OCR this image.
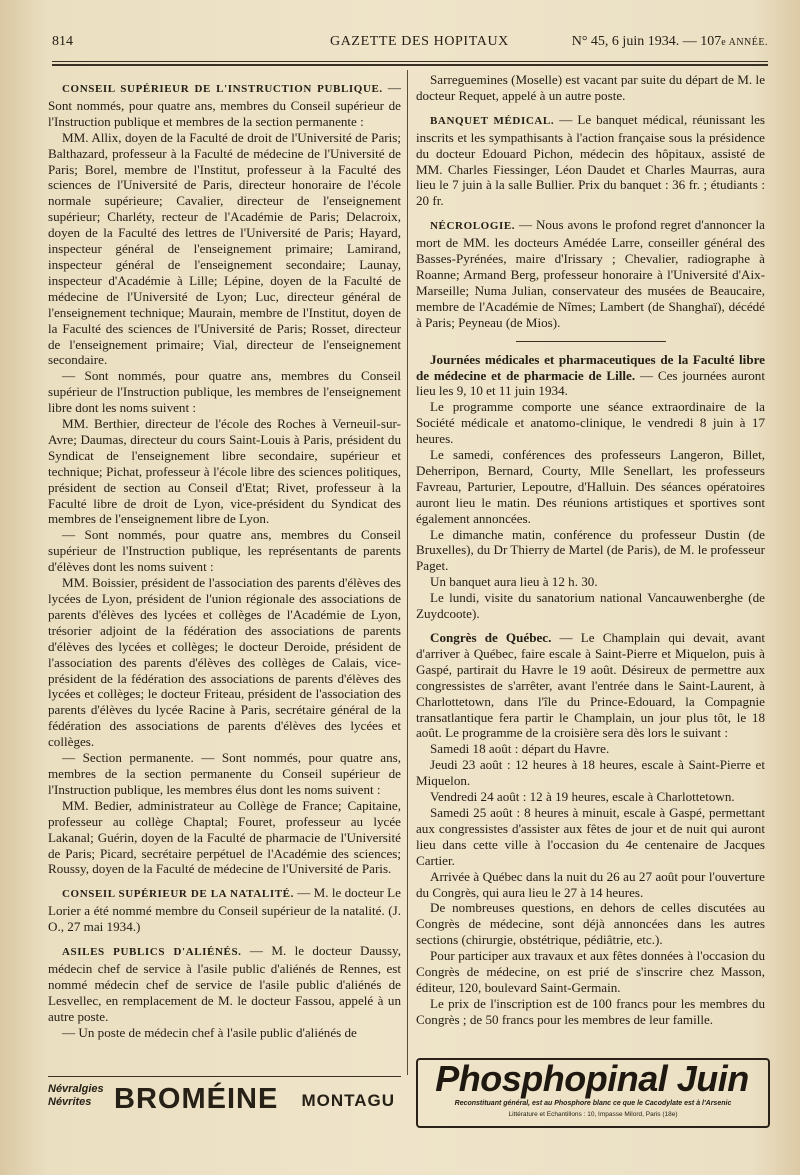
814	GAZETTE DES HOPITAUX	N° 45, 6 juin 1934. — 107e ANNÉE.

CONSEIL SUPÉRIEUR DE L'INSTRUCTION PUBLIQUE. — Sont nommés, pour quatre ans, membres du Conseil supérieur de l'Instruction publique et membres de la section permanente :

MM. Allix, doyen de la Faculté de droit de l'Université de Paris; Balthazard, professeur à la Faculté de médecine de l'Université de Paris; Borel, membre de l'Institut, professeur à la Faculté des sciences de l'Université de Paris, directeur honoraire de l'école normale supérieure; Cavalier, directeur de l'enseignement supérieur; Charléty, recteur de l'Académie de Paris; Delacroix, doyen de la Faculté des lettres de l'Université de Paris; Hayard, inspecteur général de l'enseignement primaire; Lamirand, inspecteur général de l'enseignement secondaire; Launay, inspecteur d'Académie à Lille; Lépine, doyen de la Faculté de médecine de l'Université de Lyon; Luc, directeur général de l'enseignement technique; Maurain, membre de l'Institut, doyen de la Faculté des sciences de l'Université de Paris; Rosset, directeur de l'enseignement primaire; Vial, directeur de l'enseignement secondaire.

— Sont nommés, pour quatre ans, membres du Conseil supérieur de l'Instruction publique, les membres de l'enseignement libre dont les noms suivent :

MM. Berthier, directeur de l'école des Roches à Verneuil-sur-Avre; Daumas, directeur du cours Saint-Louis à Paris, président du Syndicat de l'enseignement libre secondaire, supérieur et technique; Pichat, professeur à l'école libre des sciences politiques, président de section au Conseil d'Etat; Rivet, professeur à la Faculté libre de droit de Lyon, vice-président du Syndicat des membres de l'enseignement libre de Lyon.

— Sont nommés, pour quatre ans, membres du Conseil supérieur de l'Instruction publique, les représentants de parents d'élèves dont les noms suivent :

MM. Boissier, président de l'association des parents d'élèves des lycées de Lyon, président de l'union régionale des associations de parents d'élèves des lycées et collèges de l'Académie de Lyon, trésorier adjoint de la fédération des associations de parents d'élèves des lycées et collèges; le docteur Deroide, président de l'association des parents d'élèves des collèges de Calais, vice-président de la fédération des associations de parents d'élèves des lycées et collèges; le docteur Friteau, président de l'association des parents d'élèves du lycée Racine à Paris, secrétaire général de la fédération des associations de parents d'élèves des lycées et collèges.

— Section permanente. — Sont nommés, pour quatre ans, membres de la section permanente du Conseil supérieur de l'Instruction publique, les membres élus dont les noms suivent :

MM. Bedier, administrateur au Collège de France; Capitaine, professeur au collège Chaptal; Fouret, professeur au lycée Lakanal; Guérin, doyen de la Faculté de pharmacie de l'Université de Paris; Picard, secrétaire perpétuel de l'Académie des sciences; Roussy, doyen de la Faculté de médecine de l'Université de Paris.

CONSEIL SUPÉRIEUR DE LA NATALITÉ. — M. le docteur Le Lorier a été nommé membre du Conseil supérieur de la natalité. (J. O., 27 mai 1934.)

ASILES PUBLICS D'ALIÉNÉS. — M. le docteur Daussy, médecin chef de service à l'asile public d'aliénés de Rennes, est nommé médecin chef de service de l'asile public d'aliénés de Lesvellec, en remplacement de M. le docteur Fassou, appelé à un autre poste.

— Un poste de médecin chef à l'asile public d'aliénés de

Sarreguemines (Moselle) est vacant par suite du départ de M. le docteur Requet, appelé à un autre poste.

BANQUET MÉDICAL. — Le banquet médical, réunissant les inscrits et les sympathisants à l'action française sous la présidence du docteur Edouard Pichon, médecin des hôpitaux, assisté de MM. Charles Fiessinger, Léon Daudet et Charles Maurras, aura lieu le 7 juin à la salle Bullier. Prix du banquet : 36 fr. ; étudiants : 20 fr.

NÉCROLOGIE. — Nous avons le profond regret d'annoncer la mort de MM. les docteurs Amédée Larre, conseiller général des Basses-Pyrénées, maire d'Irissary ; Chevalier, radiographe à Roanne; Armand Berg, professeur honoraire à l'Université d'Aix-Marseille; Numa Julian, conservateur des musées de Beaucaire, membre de l'Académie de Nîmes; Lambert (de Shanghaï), décédé à Paris; Peyneau (de Mios).

Journées médicales et pharmaceutiques de la Faculté libre de médecine et de pharmacie de Lille. — Ces journées auront lieu les 9, 10 et 11 juin 1934.

Le programme comporte une séance extraordinaire de la Société médicale et anatomo-clinique, le vendredi 8 juin à 17 heures.

Le samedi, conférences des professeurs Langeron, Billet, Deherripon, Bernard, Courty, Mlle Senellart, les professeurs Favreau, Parturier, Lepoutre, d'Halluin. Des séances opératoires auront lieu le matin. Des réunions artistiques et sportives sont également annoncées.

Le dimanche matin, conférence du professeur Dustin (de Bruxelles), du Dr Thierry de Martel (de Paris), de M. le professeur Paget.

Un banquet aura lieu à 12 h. 30.

Le lundi, visite du sanatorium national Vancauwenberghe (de Zuydcoote).

Congrès de Québec. — Le Champlain qui devait, avant d'arriver à Québec, faire escale à Saint-Pierre et Miquelon, puis à Gaspé, partirait du Havre le 19 août. Désireux de permettre aux congressistes de s'arrêter, avant l'entrée dans le Saint-Laurent, à Charlottetown, dans l'île du Prince-Edouard, la Compagnie transatlantique fera partir le Champlain, un jour plus tôt, le 18 août. Le programme de la croisière sera dès lors le suivant :

Samedi 18 août : départ du Havre.

Jeudi 23 août : 12 heures à 18 heures, escale à Saint-Pierre et Miquelon.

Vendredi 24 août : 12 à 19 heures, escale à Charlottetown.

Samedi 25 août : 8 heures à minuit, escale à Gaspé, permettant aux congressistes d'assister aux fêtes de jour et de nuit qui auront lieu dans cette ville à l'occasion du 4e centenaire de Jacques Cartier.

Arrivée à Québec dans la nuit du 26 au 27 août pour l'ouverture du Congrès, qui aura lieu le 27 à 14 heures.

De nombreuses questions, en dehors de celles discutées au Congrès de médecine, sont déjà annoncées dans les autres sections (chirurgie, obstétrique, pédiâtrie, etc.).

Pour participer aux travaux et aux fêtes données à l'occasion du Congrès de médecine, on est prié de s'inscrire chez Masson, éditeur, 120, boulevard Saint-Germain.

Le prix de l'inscription est de 100 francs pour les membres du Congrès ; de 50 francs pour les membres de leur famille.

Névralgies
Névrites BROMÉINE MONTAGU
Phosphopinal Juin
Reconstituant général, est au Phosphore blanc ce que le Cacodylate est à l'Arsenic
Littérature et Echantillons : 10, Impasse Milord, Paris (18e)
